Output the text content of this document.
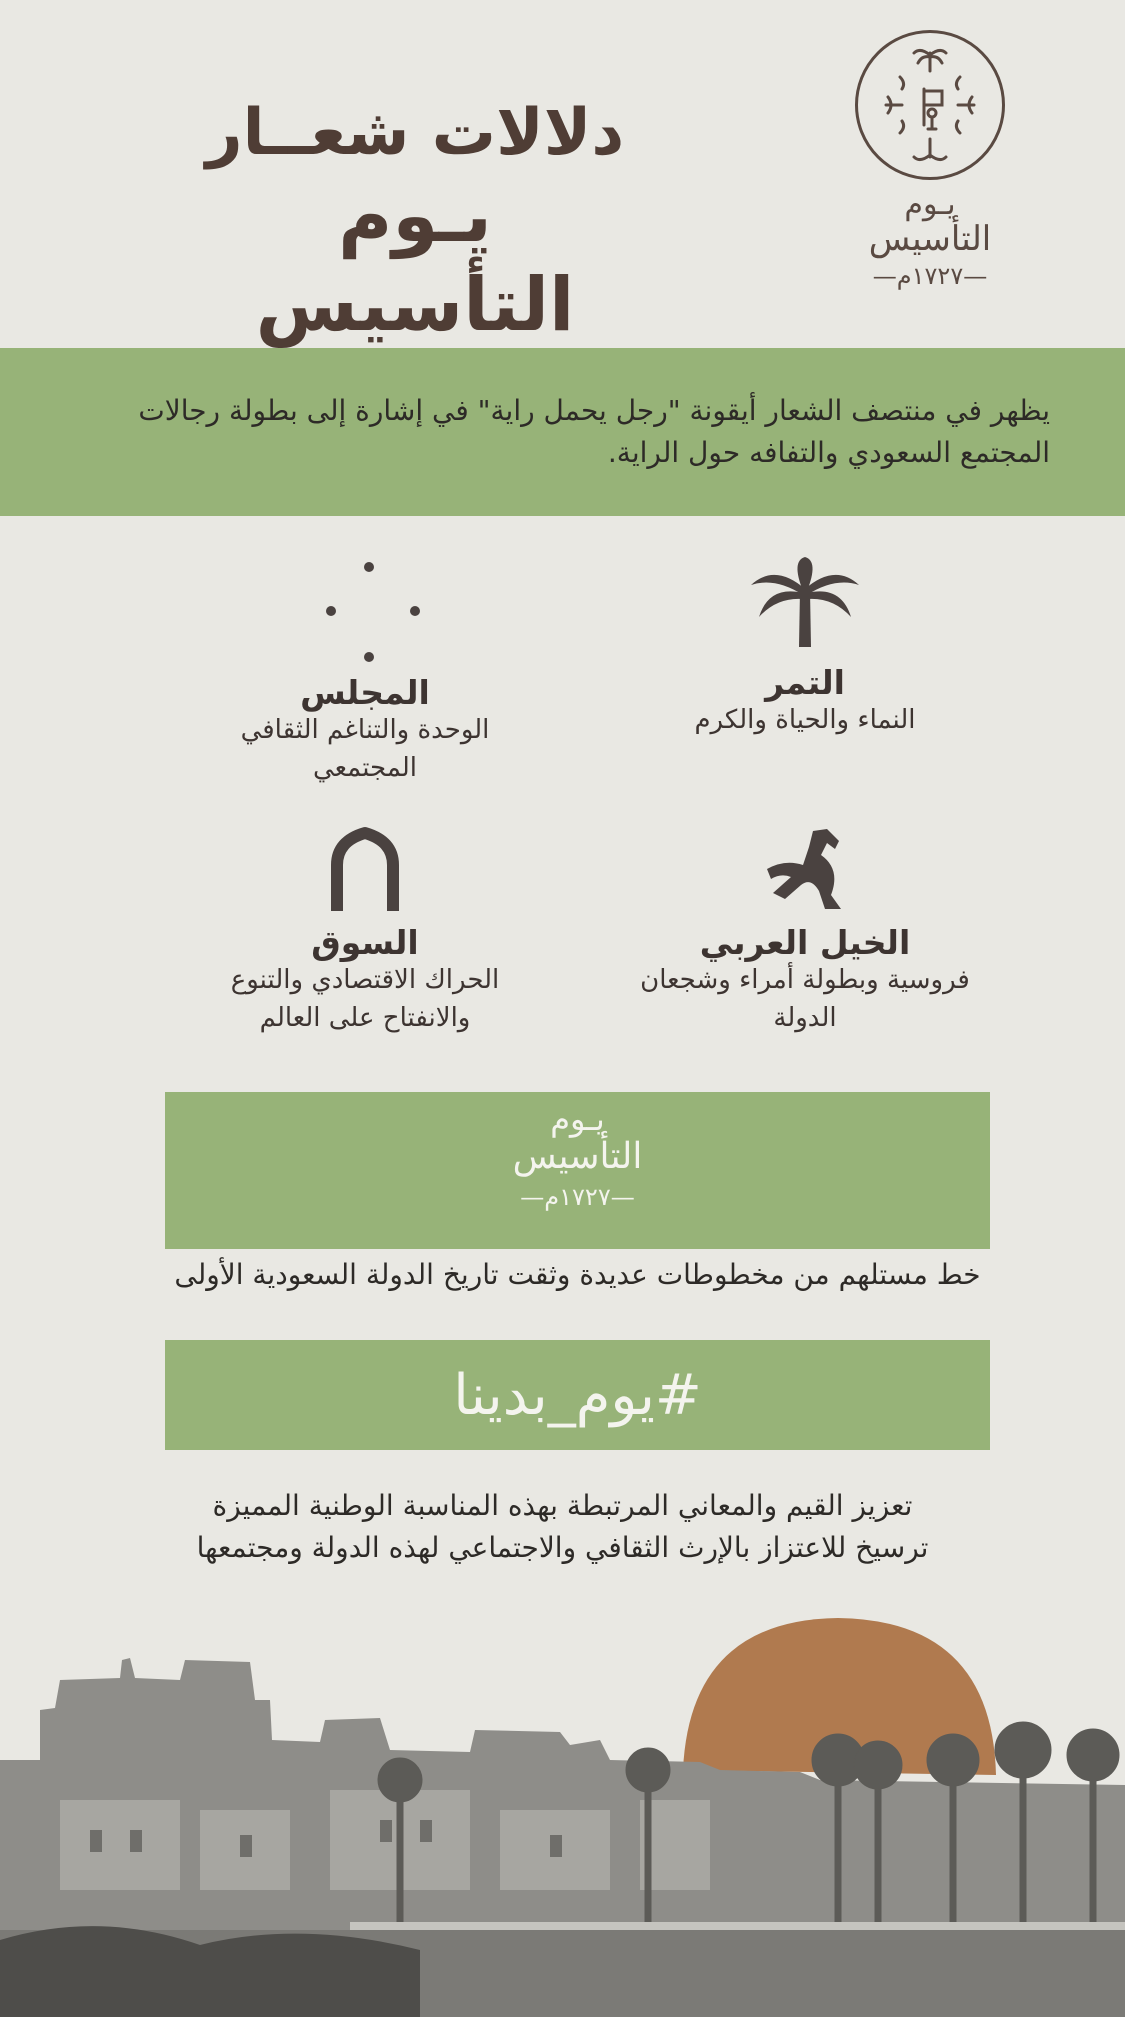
دلالات شعــار
يـوم التأسيس
يـوم
التأسيس
—١٧٢٧م—
يظهر في منتصف الشعار أيقونة "رجل يحمل راية" في إشارة إلى بطولة رجالات المجتمع السعودي والتفافه حول الراية.
التمر
النماء والحياة والكرم
المجلس
الوحدة والتناغم الثقافي المجتمعي
الخيل العربي
فروسية وبطولة أمراء وشجعان الدولة
السوق
الحراك الاقتصادي والتنوع والانفتاح على العالم
يـوم
التأسيس
—١٧٢٧م—
خط مستلهم من مخطوطات عديدة وثقت تاريخ الدولة السعودية الأولى
#يوم_بدينا
تعزيز القيم والمعاني المرتبطة بهذه المناسبة الوطنية المميزة
ترسيخ للاعتزاز بالإرث الثقافي والاجتماعي لهذه الدولة ومجتمعها
